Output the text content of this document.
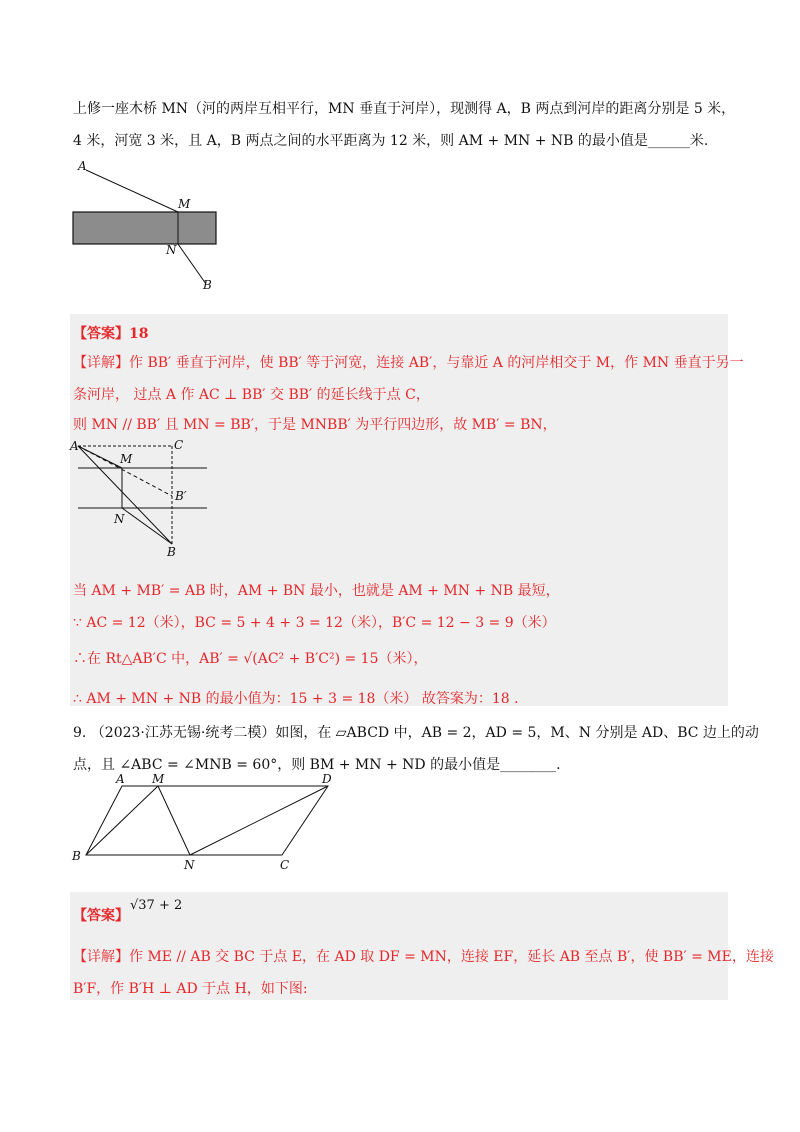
上修一座木桥 MN（河的两岸互相平行，MN 垂直于河岸），现测得 A，B 两点到河岸的距离分别是 5 米，
4 米，河宽 3 米，且 A，B 两点之间的水平距离为 12 米，则 AM + MN + NB 的最小值是______米.
A
M
N
B
【答案】18
【详解】作 BB′ 垂直于河岸，使 BB′ 等于河宽，连接 AB′，与靠近 A 的河岸相交于 M，作 MN 垂直于另一
条河岸， 过点 A 作 AC ⊥ BB′ 交 BB′ 的延长线于点 C，
则 MN // BB′ 且 MN = BB′，于是 MNBB′ 为平行四边形，故 MB′ = BN，
A	C
M
B′
N
B
当 AM + MB′ = AB 时，AM + BN 最小，也就是 AM + MN + NB 最短，
∵ AC = 12（米），BC = 5 + 4 + 3 = 12（米），B′C = 12 − 3 = 9（米）
∴在 Rt△AB′C 中，AB′ = √(AC² + B′C²) = 15（米），
∴ AM + MN + NB 的最小值为：15 + 3 = 18（米） 故答案为：18 .
9. （2023·江苏无锡·统考二模）如图，在 ▱ABCD 中，AB = 2，AD = 5，M、N 分别是 AD、BC 边上的动
点，且 ∠ABC = ∠MNB = 60°，则 BM + MN + ND 的最小值是________.
A M	D
B
N	C
√37 + 2
【答案】
【详解】作 ME // AB 交 BC 于点 E，在 AD 取 DF = MN，连接 EF，延长 AB 至点 B′，使 BB′ = ME，连接
B′F，作 B′H ⊥ AD 于点 H，如下图:
